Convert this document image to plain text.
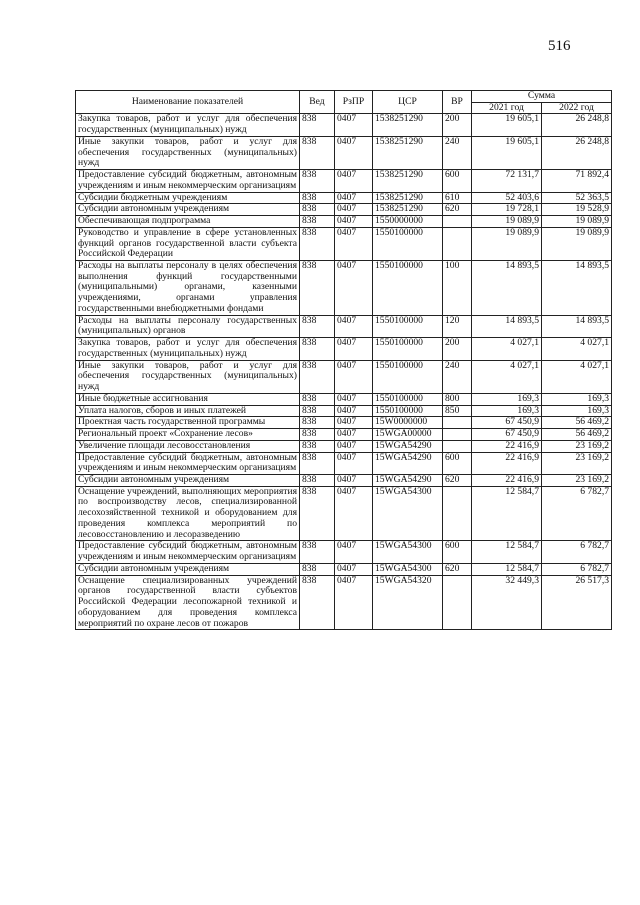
516
Наименование показателей	Вед	РзПР	ЦСР	ВР	Сумма	
					2021 год	2022 год
Закупка товаров, работ и услуг для обеспечения государственных (муниципальных) нужд	838	0407	1538251290	200	19 605,1	26 248,8
Иные закупки товаров, работ и услуг для обеспечения государственных (муниципальных) нужд	838	0407	1538251290	240	19 605,1	26 248,8
Предоставление субсидий бюджетным, автономным учреждениям и иным некоммерческим организациям	838	0407	1538251290	600	72 131,7	71 892,4
Субсидии бюджетным учреждениям	838	0407	1538251290	610	52 403,6	52 363,5
Субсидии автономным учреждениям	838	0407	1538251290	620	19 728,1	19 528,9
Обеспечивающая подпрограмма	838	0407	1550000000		19 089,9	19 089,9
Руководство и управление в сфере установленных функций органов государственной власти субъекта Российской Федерации	838	0407	1550100000		19 089,9	19 089,9
Расходы на выплаты персоналу в целях обеспечения выполнения функций государственными (муниципальными) органами, казенными учреждениями, органами управления государственными внебюджетными фондами	838	0407	1550100000	100	14 893,5	14 893,5
Расходы на выплаты персоналу государственных (муниципальных) органов	838	0407	1550100000	120	14 893,5	14 893,5
Закупка товаров, работ и услуг для обеспечения государственных (муниципальных) нужд	838	0407	1550100000	200	4 027,1	4 027,1
Иные закупки товаров, работ и услуг для обеспечения государственных (муниципальных) нужд	838	0407	1550100000	240	4 027,1	4 027,1
Иные бюджетные ассигнования	838	0407	1550100000	800	169,3	169,3
Уплата налогов, сборов и иных платежей	838	0407	1550100000	850	169,3	169,3
Проектная часть государственной программы	838	0407	15W0000000		67 450,9	56 469,2
Региональный проект «Сохранение лесов»	838	0407	15WGA00000		67 450,9	56 469,2
Увеличение площади лесовосстановления	838	0407	15WGA54290		22 416,9	23 169,2
Предоставление субсидий бюджетным, автономным учреждениям и иным некоммерческим организациям	838	0407	15WGA54290	600	22 416,9	23 169,2
Субсидии автономным учреждениям	838	0407	15WGA54290	620	22 416,9	23 169,2
Оснащение учреждений, выполняющих мероприятия по воспроизводству лесов, специализированной лесохозяйственной техникой и оборудованием для проведения комплекса мероприятий по лесовосстановлению и лесоразведению	838	0407	15WGA54300		12 584,7	6 782,7
Предоставление субсидий бюджетным, автономным учреждениям и иным некоммерческим организациям	838	0407	15WGA54300	600	12 584,7	6 782,7
Субсидии автономным учреждениям	838	0407	15WGA54300	620	12 584,7	6 782,7
Оснащение специализированных учреждений органов государственной власти субъектов Российской Федерации лесопожарной техникой и оборудованием для проведения комплекса мероприятий по охране лесов от пожаров	838	0407	15WGA54320		32 449,3	26 517,3
